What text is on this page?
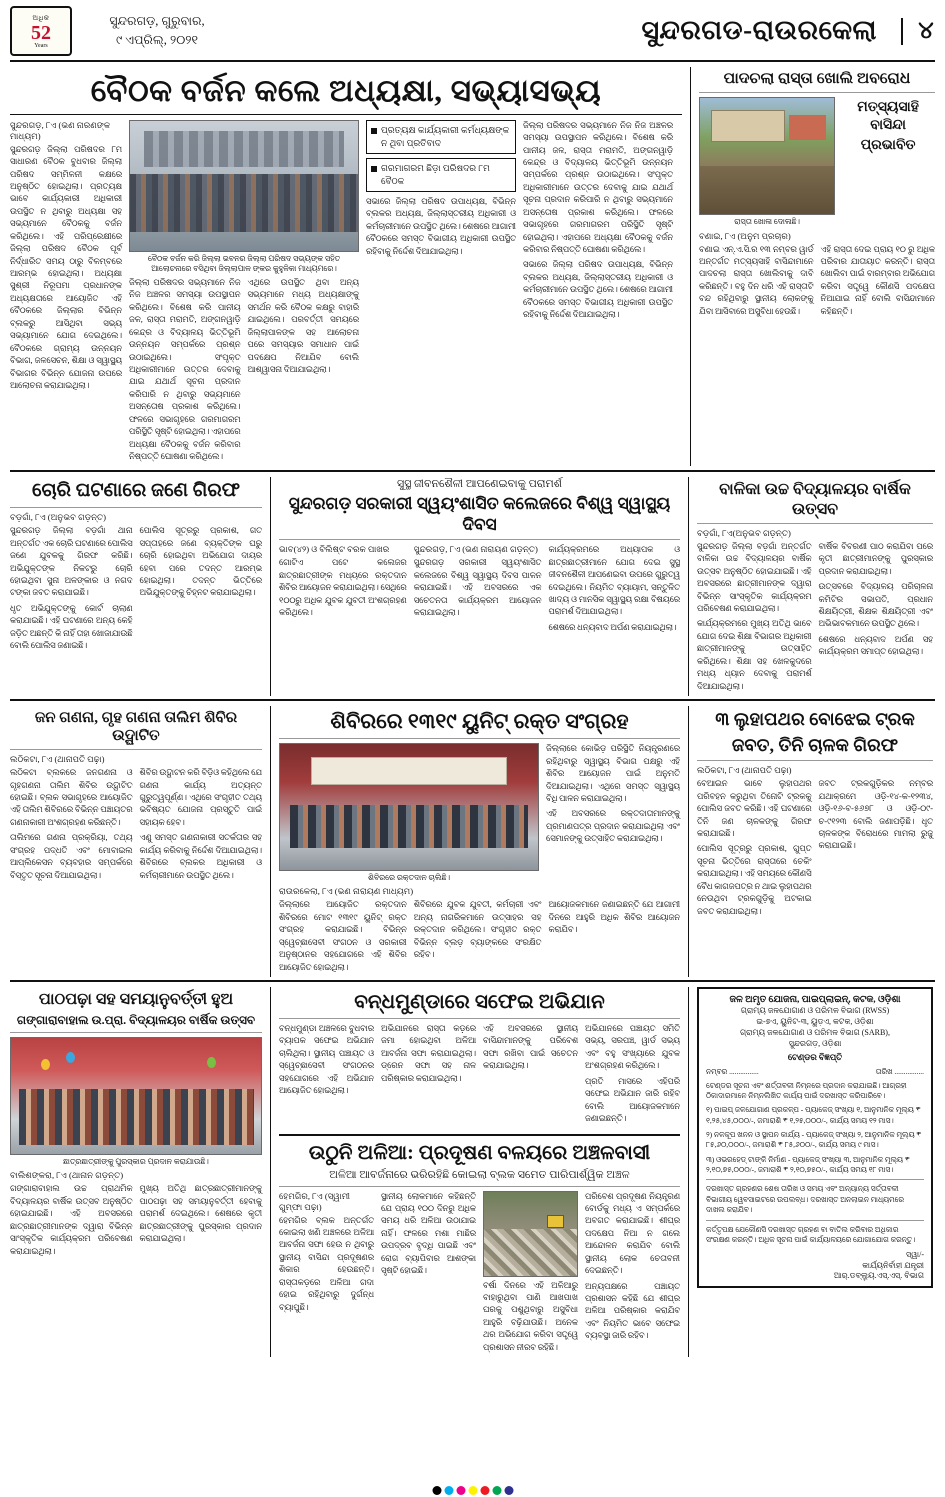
ଅଧିକ
52
Years
ସୁନ୍ଦରଗଡ଼, ଗୁରୁବାର,
୯ ଏପ୍ରିଲ୍, ୨୦୨୧	ସୁନ୍ଦରଗଡ-ରାଉରକେଲା	୪
ବୈଠକ ବର୍ଜନ କଲେ ଅଧ୍ୟକ୍ଷା, ସଭ୍ୟାସଭ୍ୟ
ସୁନ୍ଦରଗଡ଼, ୮ଏ (ଭଣ ନାରଣଙ୍କ ମାଧ୍ୟମ)

ସୁନ୍ଦରଗଡ଼ ଜିଲ୍ଲା ପରିଷଦର ୮ମ ସାଧାରଣ ବୈଠକ ବୁଧବାର ଜିଲ୍ଲା ପରିଷଦ ସମ୍ମିଳନୀ କକ୍ଷରେ ଅନୁଷ୍ଠିତ ହୋଇଥିଲା। ପ୍ରତ୍ୟକ୍ଷ ଭାବେ କାର୍ଯ୍ୟକାରୀ ଅଧିକାରୀ ଉପସ୍ଥିତ ନ ଥିବାରୁ ଅଧ୍ୟକ୍ଷା ସହ ସଭ୍ୟମାନେ ବୈଠକକୁ ବର୍ଜନ କରିଥିଲେ। ଏହି ପରିପ୍ରେକ୍ଷୀରେ ଜିଲ୍ଲା ପରିଷଦ ବୈଠକ ପୂର୍ବ ନିର୍ଦ୍ଧାରିତ ସମୟ ଠାରୁ ବିଳମ୍ବରେ ଆରମ୍ଭ ହୋଇଥିଲା। ଅଧ୍ୟକ୍ଷା ସୁଶ୍ରୀ ନିରୂପମା ପ୍ରଧାନଙ୍କ ଅଧ୍ୟକ୍ଷତାରେ ଆୟୋଜିତ ଏହି ବୈଠକରେ ଜିଲ୍ଲାର ବିଭିନ୍ନ ବ୍ଲକରୁ ଆସିଥିବା ସଭ୍ୟ ସଭ୍ୟାମାନେ ଯୋଗ ଦେଇଥିଲେ। ବୈଠକରେ ଗ୍ରାମ୍ୟ ଉନ୍ନୟନ ବିଭାଗ, ଜଳସେଚନ, ଶିକ୍ଷା ଓ ସ୍ୱାସ୍ଥ୍ୟ ବିଭାଗର ବିଭିନ୍ନ ଯୋଜନା ଉପରେ ଆଲୋଚନା କରାଯାଇଥିଲା।

ବୈଠକ ବର୍ଜନ କରି ଜିଲ୍ଲା ଭବନର ଜିଲ୍ଲା ପରିଷଦ ସଭ୍ୟଙ୍କ ସହିତ ଆଲୋଚନାରେ ବସିଥିବା ଜିଲ୍ଲାପାଳ ଙ୍କର କୁହୁଳିକା ମାଧ୍ୟମରେ।

ଜିଲ୍ଲା ପରିଷଦର ସଭ୍ୟମାନେ ନିଜ ନିଜ ଅଞ୍ଚଳର ସମସ୍ୟା ଉପସ୍ଥାପନ କରିଥିଲେ। ବିଶେଷ କରି ପାନୀୟ ଜଳ, ରାସ୍ତା ମରାମତି, ଅଙ୍ଗନୱାଡ଼ି କେନ୍ଦ୍ର ଓ ବିଦ୍ୟାଳୟ ଭିତ୍ତିଭୂମି ଉନ୍ନୟନ ସମ୍ପର୍କରେ ପ୍ରଶ୍ନ ଉଠାଇଥିଲେ। ସଂପୃକ୍ତ ଅଧିକାରୀମାନେ ଉତ୍ତର ଦେବାକୁ ଯାଇ ଯଥାର୍ଥ ସୂଚନା ପ୍ରଦାନ କରିପାରି ନ ଥିବାରୁ ସଭ୍ୟମାନେ ଅସନ୍ତୋଷ ପ୍ରକାଶ କରିଥିଲେ। ଫଳରେ ସଭାଗୃହରେ ଗରମାଗରମ ପରିସ୍ଥିତି ସୃଷ୍ଟି ହୋଇଥିଲା। ଏହାପରେ ଅଧ୍ୟକ୍ଷା ବୈଠକକୁ ବର୍ଜନ କରିବାର ନିଷ୍ପତ୍ତି ଘୋଷଣା କରିଥିଲେ।

ଏଥିରେ ଉପସ୍ଥିତ ଥିବା ଅନ୍ୟ ସଭ୍ୟମାନେ ମଧ୍ୟ ଅଧ୍ୟକ୍ଷାଙ୍କୁ ସମର୍ଥନ କରି ବୈଠକ କକ୍ଷରୁ ବାହାରି ଯାଇଥିଲେ। ପରବର୍ତ୍ତୀ ସମୟରେ ଜିଲ୍ଲାପାଳଙ୍କ ସହ ଆଲୋଚନା ପରେ ସମସ୍ୟାର ସମାଧାନ ପାଇଁ ପଦକ୍ଷେପ ନିଆଯିବ ବୋଲି ଆଶ୍ୱାସନା ଦିଆଯାଇଥିଲା।

ପ୍ରତ୍ୟକ୍ଷ କାର୍ଯ୍ୟକାରୀ କର୍ମଧ୍ୟକ୍ଷଙ୍କ ନ ଥିବା ପ୍ରତିବାଦ
ଗରମାଗରମ ଛିଡ଼ା ପରିଷଦର ୮ମ ବୈଠକ

ସଭାରେ ଜିଲ୍ଲା ପରିଷଦ ଉପାଧ୍ୟକ୍ଷ, ବିଭିନ୍ନ ବ୍ଲକର ଅଧ୍ୟକ୍ଷ, ଜିଲ୍ଲାସ୍ତରୀୟ ଅଧିକାରୀ ଓ କର୍ମଚାରୀମାନେ ଉପସ୍ଥିତ ଥିଲେ। ଶେଷରେ ଆଗାମୀ ବୈଠକରେ ସମସ୍ତ ବିଭାଗୀୟ ଅଧିକାରୀ ଉପସ୍ଥିତ ରହିବାକୁ ନିର୍ଦ୍ଦେଶ ଦିଆଯାଇଥିଲା।

ଜିଲ୍ଲା ପରିଷଦର ସଭ୍ୟମାନେ ନିଜ ନିଜ ଅଞ୍ଚଳର ସମସ୍ୟା ଉପସ୍ଥାପନ କରିଥିଲେ। ବିଶେଷ କରି ପାନୀୟ ଜଳ, ରାସ୍ତା ମରାମତି, ଅଙ୍ଗନୱାଡ଼ି କେନ୍ଦ୍ର ଓ ବିଦ୍ୟାଳୟ ଭିତ୍ତିଭୂମି ଉନ୍ନୟନ ସମ୍ପର୍କରେ ପ୍ରଶ୍ନ ଉଠାଇଥିଲେ। ସଂପୃକ୍ତ ଅଧିକାରୀମାନେ ଉତ୍ତର ଦେବାକୁ ଯାଇ ଯଥାର୍ଥ ସୂଚନା ପ୍ରଦାନ କରିପାରି ନ ଥିବାରୁ ସଭ୍ୟମାନେ ଅସନ୍ତୋଷ ପ୍ରକାଶ କରିଥିଲେ। ଫଳରେ ସଭାଗୃହରେ ଗରମାଗରମ ପରିସ୍ଥିତି ସୃଷ୍ଟି ହୋଇଥିଲା। ଏହାପରେ ଅଧ୍ୟକ୍ଷା ବୈଠକକୁ ବର୍ଜନ କରିବାର ନିଷ୍ପତ୍ତି ଘୋଷଣା କରିଥିଲେ।

ସଭାରେ ଜିଲ୍ଲା ପରିଷଦ ଉପାଧ୍ୟକ୍ଷ, ବିଭିନ୍ନ ବ୍ଲକର ଅଧ୍ୟକ୍ଷ, ଜିଲ୍ଲାସ୍ତରୀୟ ଅଧିକାରୀ ଓ କର୍ମଚାରୀମାନେ ଉପସ୍ଥିତ ଥିଲେ। ଶେଷରେ ଆଗାମୀ ବୈଠକରେ ସମସ୍ତ ବିଭାଗୀୟ ଅଧିକାରୀ ଉପସ୍ଥିତ ରହିବାକୁ ନିର୍ଦ୍ଦେଶ ଦିଆଯାଇଥିଲା।

ପାଦଚଲା ରାସ୍ତା ଖୋଲି ଅବରୋଧ
ରାସ୍ତା ଖୋଳା ଦୋଳାଛି।
ମତ୍ସ୍ୟସାହି ବାସିନ୍ଦା
ପ୍ରଭାବିତ
ବଣାଇ, ୮ଏ (ଅନୁମ ପ୍ରଚାର)

ବଣାଇ ଏନ୍.ଏ.ସି.ର ୧୩ ନମ୍ବର ୱାର୍ଡ ଅନ୍ତର୍ଗତ ମତ୍ସ୍ୟସାହି ବାସିନ୍ଦାମାନେ ପାଦଚଲା ରାସ୍ତା ଖୋଲିବାକୁ ଦାବି କରିଛନ୍ତି। ବହୁ ଦିନ ଧରି ଏହି ରାସ୍ତାଟି ବନ୍ଦ ରହିଥିବାରୁ ସ୍ଥାନୀୟ ଲୋକଙ୍କୁ ଯିବା ଆସିବାରେ ଅସୁବିଧା ହେଉଛି।

ଏହି ରାସ୍ତା ଦେଇ ପ୍ରାୟ ୧୦ ରୁ ଅଧିକ ପରିବାର ଯାତାୟାତ କରନ୍ତି। ରାସ୍ତା ଖୋଲିବା ପାଇଁ ବାରମ୍ବାର ଅଭିଯୋଗ କରିବା ସତ୍ତ୍ୱେ କୌଣସି ପଦକ୍ଷେପ ନିଆଯାଇ ନାହିଁ ବୋଲି ବାସିନ୍ଦାମାନେ କହିଛନ୍ତି।

ଚୋରି ଘଟଣାରେ ଜଣେ ଗିରଫ
ବଡ଼ଗାଁ, ୮ଏ (ଅନୁଭବ ଗଡ଼ନ୍ତ)

ସୁନ୍ଦରଗଡ଼ ଜିଲ୍ଲା ବଡ଼ଗାଁ ଥାନା ଅନ୍ତର୍ଗତ ଏକ ଚୋରି ଘଟଣାରେ ପୋଲିସ ଜଣେ ଯୁବକକୁ ଗିରଫ କରିଛି। ଅଭିଯୁକ୍ତଙ୍କ ନିକଟରୁ ଚୋରି ହୋଇଥିବା ସୁନା ଅଳଙ୍କାର ଓ ନଗଦ ଟଙ୍କା ଜବତ କରାଯାଇଛି।

ଧୃତ ଅଭିଯୁକ୍ତଙ୍କୁ କୋର୍ଟ ଚାଲାଣ କରାଯାଇଛି। ଏହି ଘଟଣାରେ ଅନ୍ୟ କେହି ଜଡ଼ିତ ଅଛନ୍ତି କି ନାହିଁ ତାହା ଖୋଜାଯାଉଛି ବୋଲି ପୋଲିସ ଜଣାଇଛି।

ପୋଲିସ ସୂତ୍ରରୁ ପ୍ରକାଶ, ଗତ ସପ୍ତାହରେ ଜଣେ ବ୍ୟକ୍ତିଙ୍କ ଘରୁ ଚୋରି ହୋଇଥିବା ଅଭିଯୋଗ ଦାୟର ହେବା ପରେ ତଦନ୍ତ ଆରମ୍ଭ ହୋଇଥିଲା। ତଦନ୍ତ ଭିତ୍ତିରେ ଅଭିଯୁକ୍ତଙ୍କୁ ଚିହ୍ନଟ କରାଯାଇଥିଲା।

ସୁସ୍ଥ ଜୀବନଶୈଳୀ ଆପଣେଇବାକୁ ପରାମର୍ଶ
ସୁନ୍ଦରଗଡ଼ ସରକାରୀ ସ୍ୱୟଂଶାସିତ କଲେଜରେ ବିଶ୍ୱ ସ୍ୱାସ୍ଥ୍ୟ ଦିବସ
ଭାବ(୪୨) ଓ ବିଲିଷ୍ଟ ବରକ ପାଖର

ଗୋଟିଏ ପଟେ କଲେଜର ଛାତ୍ରଛାତ୍ରୀଙ୍କ ମଧ୍ୟରେ ରକ୍ତଦାନ ଶିବିର ଆୟୋଜନ କରାଯାଇଥିଲା। ସେଥିରେ ୧୦୦ରୁ ଅଧିକ ଯୁବକ ଯୁବତୀ ଅଂଶଗ୍ରହଣ କରିଥିଲେ।

ସୁନ୍ଦରଗଡ଼, ୮ଏ (ଭଣ ନାରାୟଣ ଗଡ଼ନ୍ତ)

ସୁନ୍ଦରଗଡ଼ ସରକାରୀ ସ୍ୱୟଂଶାସିତ କଲେଜରେ ବିଶ୍ୱ ସ୍ୱାସ୍ଥ୍ୟ ଦିବସ ପାଳନ କରାଯାଇଛି। ଏହି ଅବସରରେ ଏକ ସଚେତନତା କାର୍ଯ୍ୟକ୍ରମ ଆୟୋଜନ କରାଯାଇଥିଲା।

କାର୍ଯ୍ୟକ୍ରମରେ ଅଧ୍ୟାପକ ଓ ଛାତ୍ରଛାତ୍ରୀମାନେ ଯୋଗ ଦେଇ ସୁସ୍ଥ ଜୀବନଶୈଳୀ ଆପଣେଇବା ଉପରେ ଗୁରୁତ୍ୱ ଦେଇଥିଲେ। ନିୟମିତ ବ୍ୟାୟାମ, ସନ୍ତୁଳିତ ଖାଦ୍ୟ ଓ ମାନସିକ ସ୍ୱାସ୍ଥ୍ୟ ରକ୍ଷା ବିଷୟରେ ପରାମର୍ଶ ଦିଆଯାଇଥିଲା।

ଶେଷରେ ଧନ୍ୟବାଦ ଅର୍ପଣ କରାଯାଇଥିଲା।

ବାଳିକା ଉଚ୍ଚ ବିଦ୍ୟାଳୟର ବାର୍ଷିକ ଉତ୍ସବ
ବଡ଼ଗାଁ, ୮ଏ(ଅନୁଭବ ଗଡ଼ନ୍ତ)

ସୁନ୍ଦରଗଡ଼ ଜିଲ୍ଲା ବଡ଼ଗାଁ ଅନ୍ତର୍ଗତ ବାଳିକା ଉଚ୍ଚ ବିଦ୍ୟାଳୟର ବାର୍ଷିକ ଉତ୍ସବ ଅନୁଷ୍ଠିତ ହୋଇଯାଇଛି। ଏହି ଅବସରରେ ଛାତ୍ରୀମାନଙ୍କ ଦ୍ୱାରା ବିଭିନ୍ନ ସାଂସ୍କୃତିକ କାର୍ଯ୍ୟକ୍ରମ ପରିବେଷଣ କରାଯାଇଥିଲା।

କାର୍ଯ୍ୟକ୍ରମରେ ମୁଖ୍ୟ ଅତିଥି ଭାବେ ଯୋଗ ଦେଇ ଶିକ୍ଷା ବିଭାଗର ଅଧିକାରୀ ଛାତ୍ରୀମାନଙ୍କୁ ଉତ୍ସାହିତ କରିଥିଲେ। ଶିକ୍ଷା ସହ ଖେଳକୁଦରେ ମଧ୍ୟ ଧ୍ୟାନ ଦେବାକୁ ପରାମର୍ଶ ଦିଆଯାଇଥିଲା।

ବାର୍ଷିକ ବିବରଣୀ ପାଠ କରାଯିବା ପରେ କୃତୀ ଛାତ୍ରୀମାନଙ୍କୁ ପୁରସ୍କାର ପ୍ରଦାନ କରାଯାଇଥିଲା।

ଉତ୍ସବରେ ବିଦ୍ୟାଳୟ ପରିଚାଳନା କମିଟିର ସଭାପତି, ପ୍ରଧାନ ଶିକ୍ଷୟିତ୍ରୀ, ଶିକ୍ଷକ ଶିକ୍ଷୟିତ୍ରୀ ଏବଂ ଅଭିଭାବକମାନେ ଉପସ୍ଥିତ ଥିଲେ।

ଶେଷରେ ଧନ୍ୟବାଦ ଅର୍ପଣ ସହ କାର୍ଯ୍ୟକ୍ରମ ସମାପ୍ତ ହୋଇଥିଲା।

ଜନ ଗଣନା, ଗୃହ ଗଣନା ତାଲିମ ଶିବିର ଉଦ୍ଘାଟିତ
ଲଠିକଟା, ୮ଏ (ଥାନାପତି ପଢ଼ା)

ଲଠିକଟା ବ୍ଲକରେ ଜନଗଣନା ଓ ଗୃହଗଣନା ତାଲିମ ଶିବିର ଉଦ୍ଘାଟିତ ହୋଇଛି। ବ୍ଲକ ସଭାଗୃହରେ ଆୟୋଜିତ ଏହି ତାଲିମ ଶିବିରରେ ବିଭିନ୍ନ ପଞ୍ଚାୟତର ଗଣନାକାରୀ ଅଂଶଗ୍ରହଣ କରିଛନ୍ତି।

ତାଲିମରେ ଗଣନା ପ୍ରକ୍ରିୟା, ତଥ୍ୟ ସଂଗ୍ରହ ପଦ୍ଧତି ଏବଂ ମୋବାଇଲ ଆପ୍ଲିକେସନ ବ୍ୟବହାର ସମ୍ପର୍କରେ ବିସ୍ତୃତ ସୂଚନା ଦିଆଯାଇଥିଲା।

ଶିବିର ଉଦ୍ଘାଟନ କରି ବିଡ଼ିଓ କହିଥିଲେ ଯେ ଗଣନା କାର୍ଯ୍ୟ ଅତ୍ୟନ୍ତ ଗୁରୁତ୍ୱପୂର୍ଣ୍ଣ। ଏଥିରେ ସଂଗୃହୀତ ତଥ୍ୟ ଭବିଷ୍ୟତ ଯୋଜନା ପ୍ରସ୍ତୁତି ପାଇଁ ସହାୟକ ହେବ।

ଏଣୁ ସମସ୍ତ ଗଣନାକାରୀ ସତର୍କତାର ସହ କାର୍ଯ୍ୟ କରିବାକୁ ନିର୍ଦ୍ଦେଶ ଦିଆଯାଇଥିଲା। ଶିବିରରେ ବ୍ଲକର ଅଧିକାରୀ ଓ କର୍ମଚାରୀମାନେ ଉପସ୍ଥିତ ଥିଲେ।

ଶିବିରରେ ୧୩୧୯ ୟୁନିଟ୍ ରକ୍ତ ସଂଗ୍ରହ
ଶିବିରରେ ରକ୍ତଦାନ ଚାଲିଛି।

ଜିଲ୍ଲାରେ କୋଭିଡ଼ ପରିସ୍ଥିତି ନିୟନ୍ତ୍ରଣରେ ରହିଥିବାରୁ ସ୍ୱାସ୍ଥ୍ୟ ବିଭାଗ ପକ୍ଷରୁ ଏହି ଶିବିର ଆୟୋଜନ ପାଇଁ ଅନୁମତି ଦିଆଯାଇଥିଲା। ଏଥିରେ ସମସ୍ତ ସ୍ୱାସ୍ଥ୍ୟ ବିଧି ପାଳନ କରାଯାଇଥିଲା।

ଏହି ଅବସରରେ ରକ୍ତଦାତାମାନଙ୍କୁ ପ୍ରମାଣପତ୍ର ପ୍ରଦାନ କରାଯାଇଥିଲା ଏବଂ ସେମାନଙ୍କୁ ଉତ୍ସାହିତ କରାଯାଇଥିଲା।

ରାଉରକେଲା, ୮ଏ (ଭଣ ନାରାୟଣ ମାଧ୍ୟମ)

ଜିଲ୍ଲାରେ ଆୟୋଜିତ ରକ୍ତଦାନ ଶିବିରରେ ମୋଟ ୧୩୧୯ ୟୁନିଟ୍ ରକ୍ତ ସଂଗ୍ରହ କରାଯାଇଛି। ବିଭିନ୍ନ ସ୍ୱେଚ୍ଛାସେବୀ ସଂଗଠନ ଓ ସରକାରୀ ଅନୁଷ୍ଠାନର ସହଯୋଗରେ ଏହି ଶିବିର ଆୟୋଜିତ ହୋଇଥିଲା।

ଶିବିରରେ ଯୁବକ ଯୁବତୀ, କର୍ମଚାରୀ ଏବଂ ଅନ୍ୟ ନାଗରିକମାନେ ଉତ୍ସାହର ସହ ରକ୍ତଦାନ କରିଥିଲେ। ସଂଗୃହୀତ ରକ୍ତ ବିଭିନ୍ନ ବ୍ଲଡ଼ ବ୍ୟାଙ୍କରେ ସଂରକ୍ଷିତ ରହିବ।

ଆୟୋଜକମାନେ ଜଣାଇଛନ୍ତି ଯେ ଆଗାମୀ ଦିନରେ ଆହୁରି ଅଧିକ ଶିବିର ଆୟୋଜନ କରାଯିବ।

୩ ଲୁହାପଥର ବୋଝେଇ ଟ୍ରକ
ଜବତ, ତିନି ଚାଳକ ଗିରଫ
ଲଠିକଟା, ୮ଏ (ଥାନାପତି ପଢ଼ା)

ବେଆଇନ ଭାବେ ଲୁହାପଥର ପରିବହନ କରୁଥିବା ତିନୋଟି ଟ୍ରକକୁ ପୋଲିସ ଜବତ କରିଛି। ଏହି ଘଟଣାରେ ତିନି ଜଣ ଚାଳକଙ୍କୁ ଗିରଫ କରାଯାଇଛି।

ପୋଲିସ ସୂତ୍ରରୁ ପ୍ରକାଶ, ଗୁପ୍ତ ସୂଚନା ଭିତ୍ତିରେ ରାସ୍ତାରେ ଚେକିଂ କରାଯାଇଥିଲା। ଏହି ସମୟରେ କୌଣସି ବୈଧ କାଗଜପତ୍ର ନ ଥାଇ ଲୁହାପଥର ନେଉଥିବା ଟ୍ରକଗୁଡ଼ିକୁ ଅଟକାଇ ଜବତ କରାଯାଇଥିଲା।

ଜବତ ଟ୍ରକଗୁଡ଼ିକର ନମ୍ବର ଯଥାକ୍ରମେ ଓଡ଼ି-୧୪-କ-୧୨୩୪, ଓଡ଼ି-୧୬-ବ-୫୬୭୮ ଓ ଓଡ଼ି-୦୯-ଚ-୯୧୨୩ ବୋଲି ଜଣାପଡ଼ିଛି। ଧୃତ ଚାଳକଙ୍କ ବିରୋଧରେ ମାମଲା ରୁଜୁ କରାଯାଇଛି।

ପାଠପଢ଼ା ସହ ସମୟାନୁବର୍ତ୍ତୀ ହୁଅ
ଗଙ୍ଗାରାବାହାଲ ଉ.ପ୍ରା. ବିଦ୍ୟାଳୟର ବାର୍ଷିକ ଉତ୍ସବ
ଛାତ୍ରଛାତ୍ରୀଙ୍କୁ ପୁରସ୍କାର ପ୍ରଦାନ କରାଯାଉଛି।
ବାଲିଶଙ୍କରା, ୮ଏ (ଥାନାନ ଗଡ଼ନ୍ତ)

ଗଙ୍ଗାରାବାହାଲ ଉଚ୍ଚ ପ୍ରାଥମିକ ବିଦ୍ୟାଳୟର ବାର୍ଷିକ ଉତ୍ସବ ଅନୁଷ୍ଠିତ ହୋଇଯାଇଛି। ଏହି ଅବସରରେ ଛାତ୍ରଛାତ୍ରୀମାନଙ୍କ ଦ୍ୱାରା ବିଭିନ୍ନ ସାଂସ୍କୃତିକ କାର୍ଯ୍ୟକ୍ରମ ପରିବେଷଣ କରାଯାଇଥିଲା।

ମୁଖ୍ୟ ଅତିଥି ଛାତ୍ରଛାତ୍ରୀମାନଙ୍କୁ ପାଠପଢ଼ା ସହ ସମୟାନୁବର୍ତ୍ତୀ ହେବାକୁ ପରାମର୍ଶ ଦେଇଥିଲେ। ଶେଷରେ କୃତୀ ଛାତ୍ରଛାତ୍ରୀଙ୍କୁ ପୁରସ୍କାର ପ୍ରଦାନ କରାଯାଇଥିଲା।

ବନ୍ଧମୁଣ୍ଡାରେ ସଫେଇ ଅଭିଯାନ

ବନ୍ଧମୁଣ୍ଡା ଅଞ୍ଚଳରେ ବୁଧବାର ବ୍ୟାପକ ସଫେଇ ଅଭିଯାନ ଚାଲିଥିଲା। ସ୍ଥାନୀୟ ପଞ୍ଚାୟତ ଓ ସ୍ୱେଚ୍ଛାସେବୀ ସଂଗଠନର ସହଯୋଗରେ ଏହି ଅଭିଯାନ ଆୟୋଜିତ ହୋଇଥିଲା।

ଅଭିଯାନରେ ରାସ୍ତା କଡ଼ରେ ଜମା ହୋଇଥିବା ଅଳିଆ ଆବର୍ଜନା ସଫା କରାଯାଇଥିଲା। ଡ୍ରେନ ସଫା ସହ ନାଳ ପରିଷ୍କାର କରାଯାଇଥିଲା।

ଏହି ଅବସରରେ ସ୍ଥାନୀୟ ବାସିନ୍ଦାମାନଙ୍କୁ ପରିବେଶ ସଫା ରଖିବା ପାଇଁ ସଚେତନ କରାଯାଇଥିଲା।

ଅଭିଯାନରେ ପଞ୍ଚାୟତ ସମିତି ସଭ୍ୟ, ସରପଞ୍ଚ, ୱାର୍ଡ ସଭ୍ୟ ଏବଂ ବହୁ ସଂଖ୍ୟାରେ ଯୁବକ ଅଂଶଗ୍ରହଣ କରିଥିଲେ।

ପ୍ରତି ମାସରେ ଏହିପରି ସଫେଇ ଅଭିଯାନ ଜାରି ରହିବ ବୋଲି ଆୟୋଜକମାନେ ଜଣାଇଛନ୍ତି।

ଉଠୁନି ଅଳିଆ: ପ୍ରଦୂଷଣ ବଳୟରେ ଅଞ୍ଚଳବାସୀ
ଅଳିଆ ଆବର୍ଜନାରେ ଭରିରହିଛି କୋଇଲା ବ୍ଲକ ସମେତ ପାରିପାର୍ଶ୍ୱିକ ଅଞ୍ଚଳ
ହେମଗିର, ୮ଏ (ସ୍ୱାମୀ ଗୁମ୍ଫା ପଢ଼ା)

ହେମଗିର ବ୍ଲକ ଅନ୍ତର୍ଗତ କୋଇଲା ଖଣି ଅଞ୍ଚଳରେ ଅଳିଆ ଆବର୍ଜନା ସଫା ହେଉ ନ ଥିବାରୁ ସ୍ଥାନୀୟ ବାସିନ୍ଦା ପ୍ରଦୂଷଣର ଶିକାର ହେଉଛନ୍ତି। ରାସ୍ତାକଡ଼ରେ ଅଳିଆ ଗଦା ହୋଇ ରହିଥିବାରୁ ଦୁର୍ଗନ୍ଧ ବ୍ୟାପୁଛି।

ସ୍ଥାନୀୟ ଲୋକମାନେ କହିଛନ୍ତି ଯେ ପ୍ରାୟ ୧୦୦ ଦିନରୁ ଅଧିକ ସମୟ ଧରି ଅଳିଆ ଉଠାଯାଇ ନାହିଁ। ଫଳରେ ମଶା ମାଛିର ଉପଦ୍ରବ ବୃଦ୍ଧି ପାଇଛି ଏବଂ ରୋଗ ବ୍ୟାପିବାର ଆଶଙ୍କା ସୃଷ୍ଟି ହୋଇଛି।

ବର୍ଷା ଦିନରେ ଏହି ଅଳିଆରୁ ବାହାରୁଥିବା ପାଣି ଆଖପାଖ ଘରକୁ ପଶୁଥିବାରୁ ଅସୁବିଧା ଆହୁରି ବଢ଼ିଯାଉଛି। ଅନେକ ଥର ଅଭିଯୋଗ କରିବା ସତ୍ତ୍ୱେ ପ୍ରଶାସନ ନୀରବ ରହିଛି।

ପରିବେଶ ପ୍ରଦୂଷଣ ନିୟନ୍ତ୍ରଣ ବୋର୍ଡକୁ ମଧ୍ୟ ଏ ସମ୍ପର୍କରେ ଅବଗତ କରାଯାଇଛି। ଶୀଘ୍ର ପଦକ୍ଷେପ ନିଆ ନ ଗଲେ ଆନ୍ଦୋଳନ କରାଯିବ ବୋଲି ସ୍ଥାନୀୟ ଲୋକ ଚେତାବନୀ ଦେଇଛନ୍ତି।

ଅନ୍ୟପକ୍ଷରେ ପଞ୍ଚାୟତ ପ୍ରଶାସନ କହିଛି ଯେ ଶୀଘ୍ର ଅଳିଆ ପରିଷ୍କାର କରାଯିବ ଏବଂ ନିୟମିତ ଭାବେ ସଫେଇ ବ୍ୟବସ୍ଥା ଜାରି ରହିବ।

ଜଳ ଅମୃତ ଯୋଜନା, ପାଇପ୍‌ଲାଇନ୍, କଟକ, ଓଡ଼ିଶା
ଗ୍ରାମ୍ୟ ଜଳଯୋଗାଣ ଓ ପରିମଳ ବିଭାଗ (RWSS)
ଇ-୭ଏ, ୟୁନିଟ-୩, ୟୁଡ଼ଏ, କଟକ, ଓଡ଼ିଶା
ଗ୍ରାମ୍ୟ ଜଳଯୋଗାଣ ଓ ପରିମଳ ବିଭାଗ (SARB),
ସୁନ୍ଦରଗଡ଼, ଓଡ଼ିଶା
ଟେଣ୍ଡର ବିଜ୍ଞପ୍ତି
ନମ୍ବର ................	ତାରିଖ ................
ଟେଣ୍ଡର ସୂଚନା ଏବଂ ଶର୍ତ୍ତାବଳୀ ନିମ୍ନରେ ପ୍ରଦାନ କରାଯାଇଛି। ଆଗ୍ରହୀ ଠିକାଦାରମାନେ ନିମ୍ନଲିଖିତ କାର୍ଯ୍ୟ ପାଇଁ ଦରଖାସ୍ତ କରିପାରିବେ।
୧) ପାଇପ୍ ଜଳଯୋଗାଣ ପ୍ରକଳ୍ପ - ପ୍ୟାକେଜ୍ ସଂଖ୍ୟା ୧, ଆନୁମାନିକ ମୂଲ୍ୟ ₹ ୧,୨୫,୪୫,୦୦୦/-, ଜମାରାଶି ₹ ୧,୨୫,୦୦୦/-, କାର୍ଯ୍ୟ ସମୟ ୧୨ ମାସ।
୨) ନଳକୂପ ଖନନ ଓ ସ୍ଥାପନ କାର୍ଯ୍ୟ - ପ୍ୟାକେଜ୍ ସଂଖ୍ୟା ୨, ଆନୁମାନିକ ମୂଲ୍ୟ ₹ ୮୫,୬୦,୦୦୦/-, ଜମାରାଶି ₹ ୮୫,୬୦୦/-, କାର୍ଯ୍ୟ ସମୟ ୯ ମାସ।
୩) ଓଭରହେଡ୍ ଟାଙ୍କି ନିର୍ମାଣ - ପ୍ୟାକେଜ୍ ସଂଖ୍ୟା ୩, ଆନୁମାନିକ ମୂଲ୍ୟ ₹ ୨,୧୦,୭୫,୦୦୦/-, ଜମାରାଶି ₹ ୨,୧୦,୭୫୦/-, କାର୍ଯ୍ୟ ସମୟ ୧୮ ମାସ।
ଦରଖାସ୍ତ ଗ୍ରହଣର ଶେଷ ତାରିଖ ଓ ସମୟ ଏବଂ ଅନ୍ୟାନ୍ୟ ସର୍ତ୍ତାବଳୀ ବିଭାଗୀୟ ୱେବସାଇଟରେ ଉପଲବ୍ଧ। ଦରଖାସ୍ତ ଅନଲାଇନ ମାଧ୍ୟମରେ ଦାଖଲ କରାଯିବ।
କର୍ତ୍ତୃପକ୍ଷ ଯେକୌଣସି ଦରଖାସ୍ତ ଗ୍ରହଣ ବା ବାତିଲ କରିବାର ଅଧିକାର ସଂରକ୍ଷଣ କରନ୍ତି। ଅଧିକ ସୂଚନା ପାଇଁ କାର୍ଯ୍ୟାଳୟରେ ଯୋଗାଯୋଗ କରନ୍ତୁ।
ସ୍ୱା/-
କାର୍ଯ୍ୟନିର୍ବାହୀ ଯନ୍ତ୍ରୀ
ଆର୍.ଡବ୍ଲ୍ୟୁ.ଏସ୍.ଏସ୍. ବିଭାଗ
